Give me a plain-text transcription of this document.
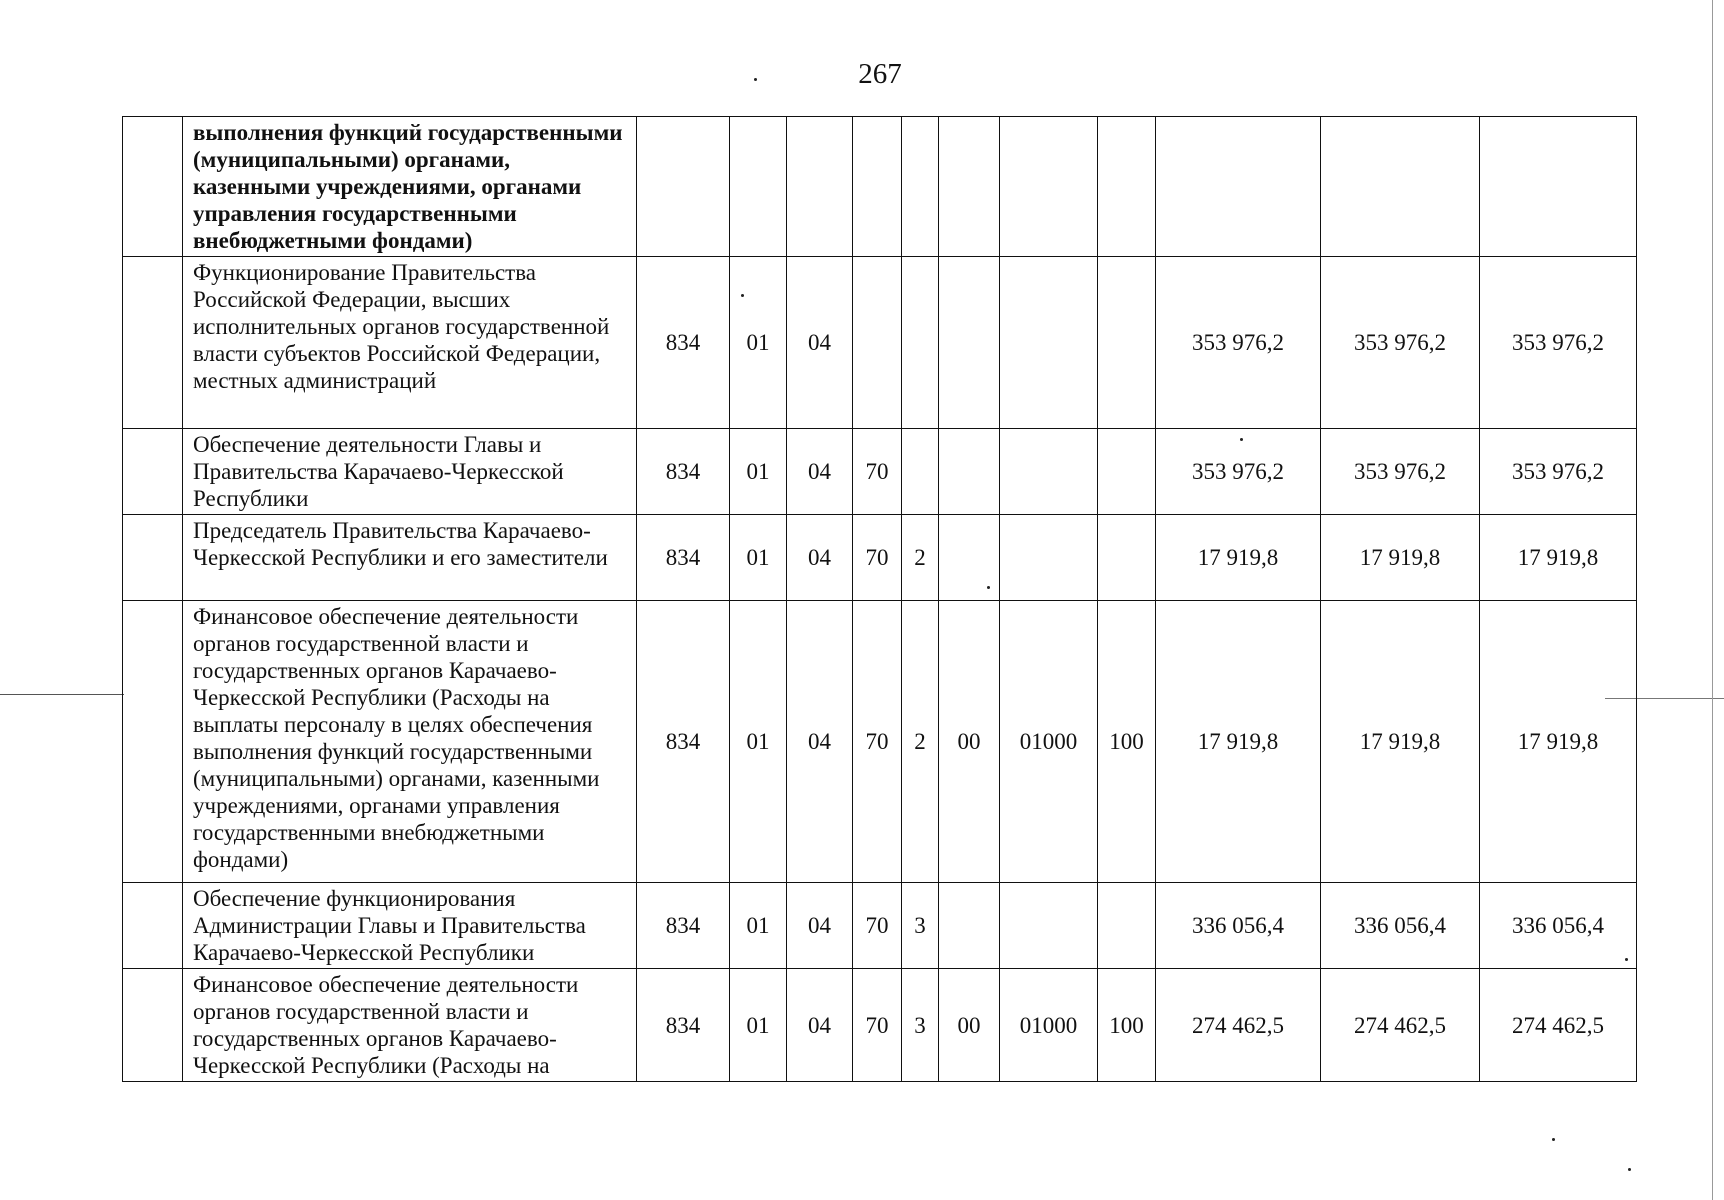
267
	выполнения функций государственными (муниципальными) органами, казенными учреждениями, органами управления государственными внебюджетными фондами)											
	Функционирование Правительства Российской Федерации, высших исполнительных органов государственной власти субъектов Российской Федерации, местных администраций	834	01	04						353 976,2	353 976,2	353 976,2
	Обеспечение деятельности Главы и Правительства Карачаево-Черкесской Республики	834	01	04	70					353 976,2	353 976,2	353 976,2
	Председатель Правительства Карачаево-Черкесской Республики и его заместители	834	01	04	70	2				17 919,8	17 919,8	17 919,8
	Финансовое обеспечение деятельности органов государственной власти и государственных органов Карачаево-Черкесской Республики (Расходы на выплаты персоналу в целях обеспечения выполнения функций государственными (муниципальными) органами, казенными учреждениями, органами управления государственными внебюджетными фондами)	834	01	04	70	2	00	01000	100	17 919,8	17 919,8	17 919,8
	Обеспечение функционирования Администрации Главы и Правительства Карачаево-Черкесской Республики	834	01	04	70	3				336 056,4	336 056,4	336 056,4
	Финансовое обеспечение деятельности органов государственной власти и государственных органов Карачаево-Черкесской Республики (Расходы на	834	01	04	70	3	00	01000	100	274 462,5	274 462,5	274 462,5
